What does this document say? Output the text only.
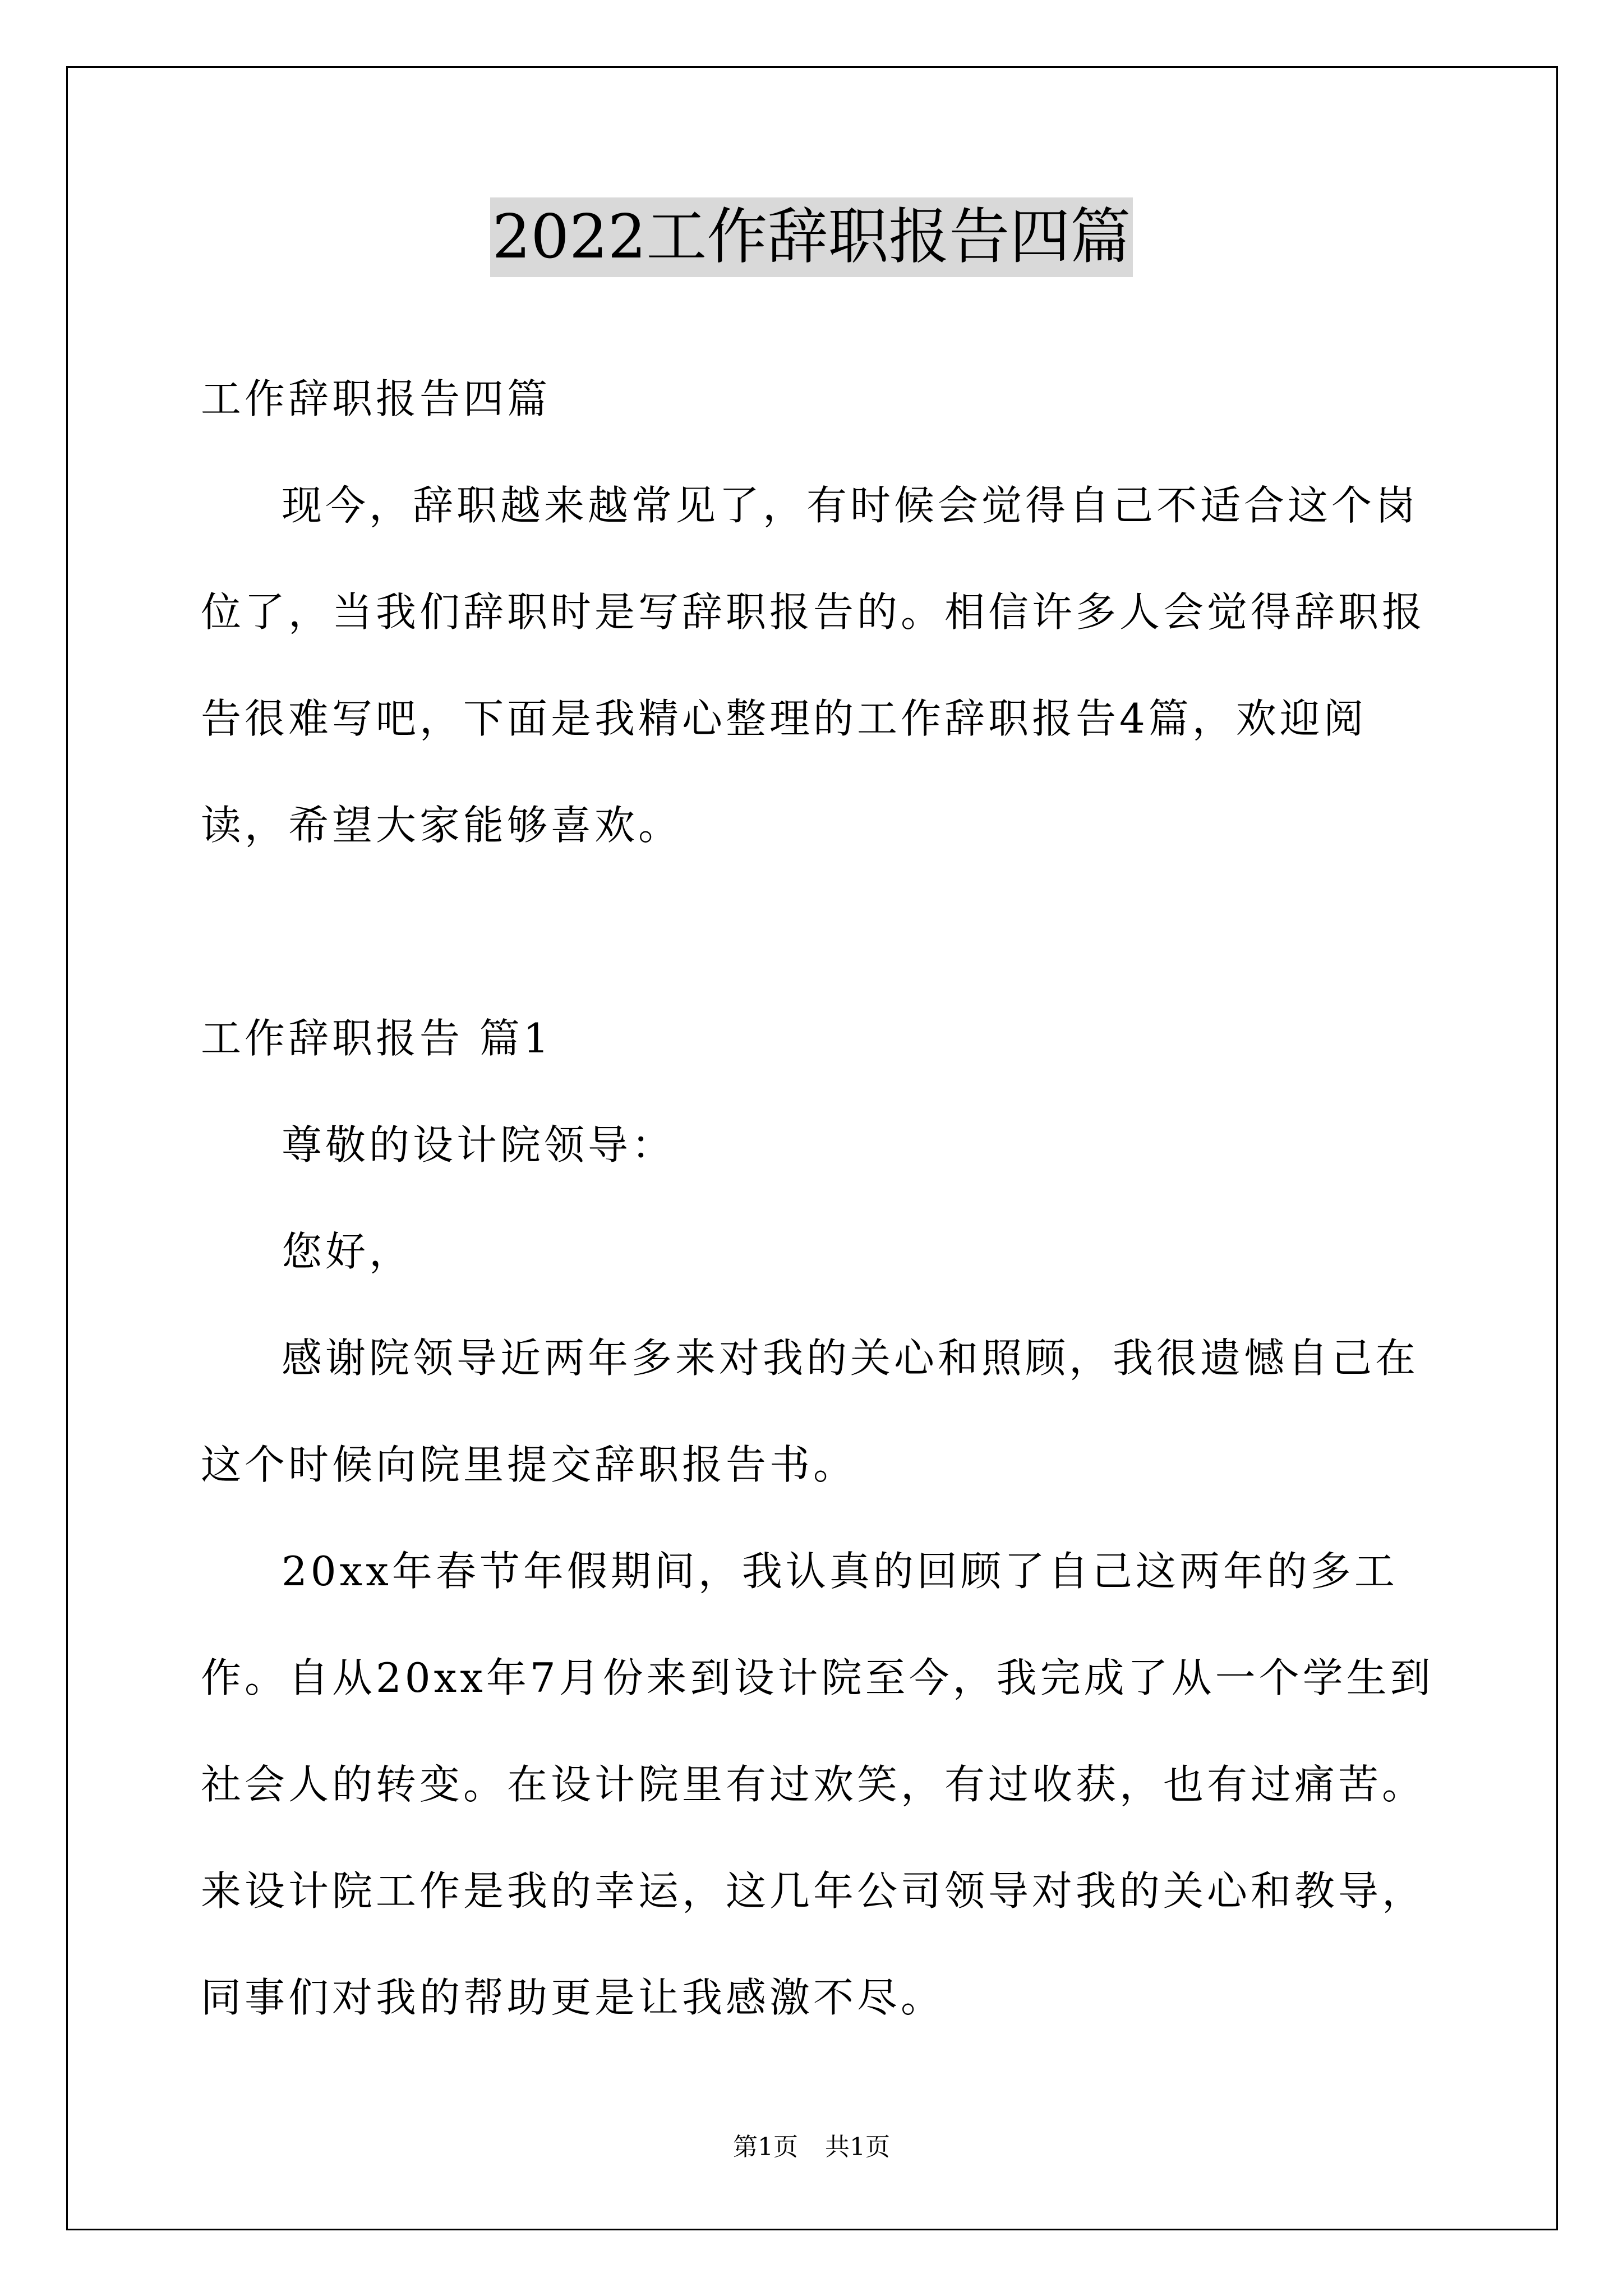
2022工作辞职报告四篇

工作辞职报告四篇

现今，辞职越来越常见了，有时候会觉得自己不适合这个岗位了，当我们辞职时是写辞职报告的。相信许多人会觉得辞职报告很难写吧，下面是我精心整理的工作辞职报告4篇，欢迎阅读，希望大家能够喜欢。

工作辞职报告 篇1

尊敬的设计院领导：

您好，

感谢院领导近两年多来对我的关心和照顾，我很遗憾自己在这个时候向院里提交辞职报告书。

20xx年春节年假期间，我认真的回顾了自己这两年的多工作。自从20xx年7月份来到设计院至今，我完成了从一个学生到社会人的转变。在设计院里有过欢笑，有过收获，也有过痛苦。来设计院工作是我的幸运，这几年公司领导对我的关心和教导，同事们对我的帮助更是让我感激不尽。

第1页 共1页
